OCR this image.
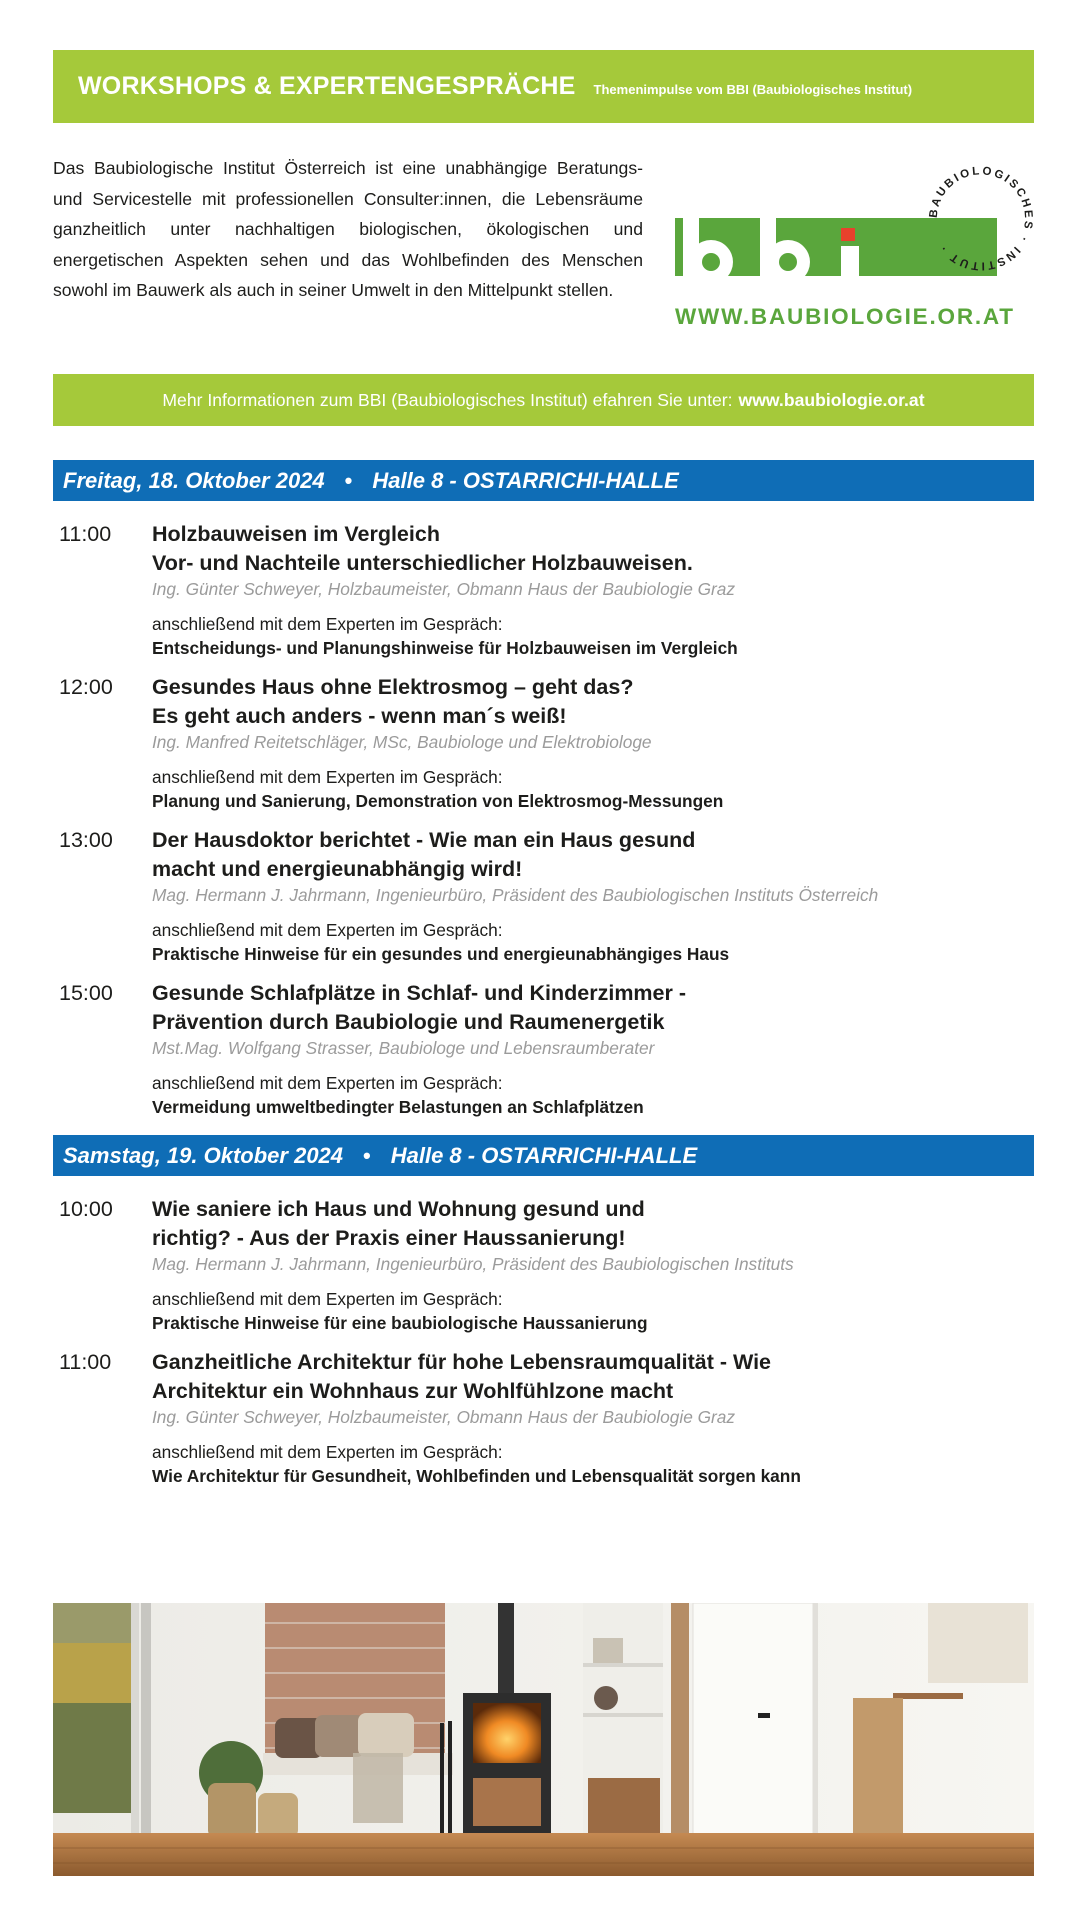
WORKSHOPS & EXPERTENGESPRÄCHE Themenimpulse vom BBI (Baubiologisches Institut)
Das Baubiologische Institut Österreich ist eine unabhängige Beratungs- und Servicestelle mit professionellen Consulter:innen, die Lebensräume ganzheitlich unter nachhaltigen biologischen, ökologischen und energetischen Aspekten sehen und das Wohlbefinden des Menschen sowohl im Bauwerk als auch in seiner Umwelt in den Mittelpunkt stellen.
BAUBIOLOGISCHES · INSTITUT ·
WWW.BAUBIOLOGIE.OR.AT
Mehr Informationen zum BBI (Baubiologisches Institut) efahren Sie unter: www.baubiologie.or.at
Freitag, 18. Oktober 2024 • Halle 8 - OSTARRICHI-HALLE
11:00 Holzbauweisen im Vergleich
Vor- und Nachteile unterschiedlicher Holzbauweisen.
Ing. Günter Schweyer, Holzbaumeister, Obmann Haus der Baubiologie Graz
anschließend mit dem Experten im Gespräch:
Entscheidungs- und Planungshinweise für Holzbauweisen im Vergleich
12:00 Gesundes Haus ohne Elektrosmog – geht das?
Es geht auch anders - wenn man´s weiß!
Ing. Manfred Reitetschläger, MSc, Baubiologe und Elektrobiologe
anschließend mit dem Experten im Gespräch:
Planung und Sanierung, Demonstration von Elektrosmog-Messungen
13:00 Der Hausdoktor berichtet - Wie man ein Haus gesund
macht und energieunabhängig wird!
Mag. Hermann J. Jahrmann, Ingenieurbüro, Präsident des Baubiologischen Instituts Österreich
anschließend mit dem Experten im Gespräch:
Praktische Hinweise für ein gesundes und energieunabhängiges Haus
15:00 Gesunde Schlafplätze in Schlaf- und Kinderzimmer -
Prävention durch Baubiologie und Raumenergetik
Mst.Mag. Wolfgang Strasser, Baubiologe und Lebensraumberater
anschließend mit dem Experten im Gespräch:
Vermeidung umweltbedingter Belastungen an Schlafplätzen
Samstag, 19. Oktober 2024 • Halle 8 - OSTARRICHI-HALLE
10:00 Wie saniere ich Haus und Wohnung gesund und
richtig? - Aus der Praxis einer Haussanierung!
Mag. Hermann J. Jahrmann, Ingenieurbüro, Präsident des Baubiologischen Instituts
anschließend mit dem Experten im Gespräch:
Praktische Hinweise für eine baubiologische Haussanierung
11:00 Ganzheitliche Architektur für hohe Lebensraumqualität - Wie
Architektur ein Wohnhaus zur Wohlfühlzone macht
Ing. Günter Schweyer, Holzbaumeister, Obmann Haus der Baubiologie Graz
anschließend mit dem Experten im Gespräch:
Wie Architektur für Gesundheit, Wohlbefinden und Lebensqualität sorgen kann
